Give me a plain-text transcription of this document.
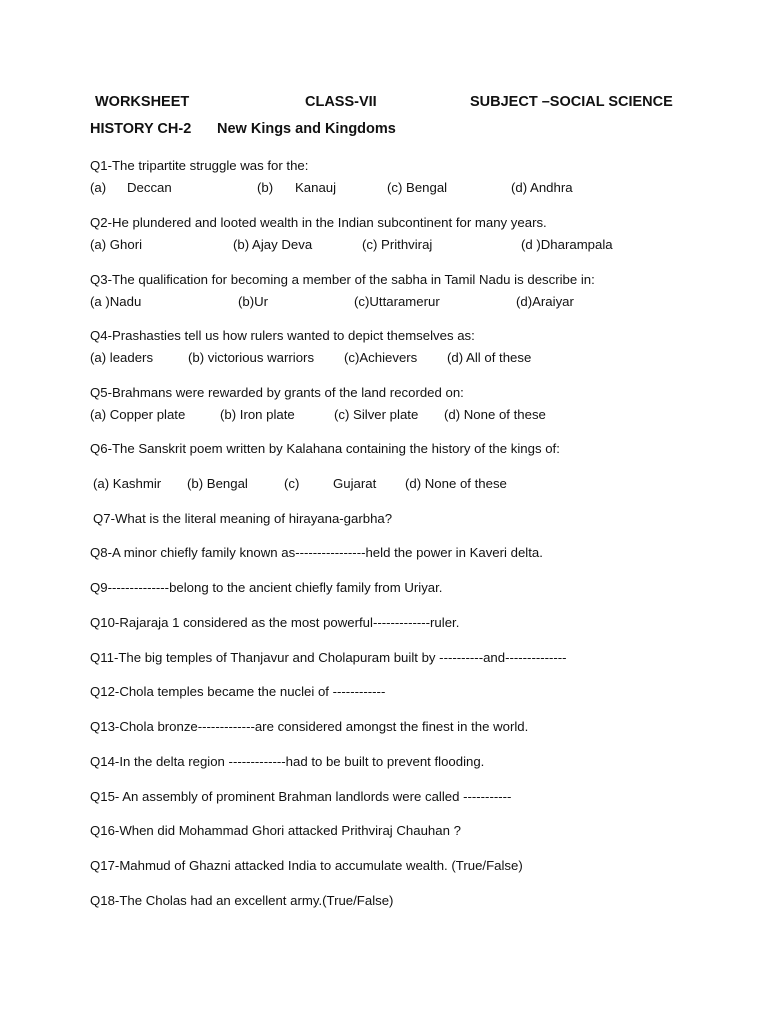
WORKSHEET	CLASS-VII	SUBJECT –SOCIAL SCIENCE
HISTORY CH-2 New Kings and Kingdoms
Q1-The tripartite struggle was for the:
(a) Deccan	(b) Kanauj	(c) Bengal	(d) Andhra
Q2-He plundered and looted wealth in the Indian subcontinent for many years.
(a) Ghori	(b) Ajay Deva	(c) Prithviraj	(d )Dharampala
Q3-The qualification for becoming a member of the sabha in Tamil Nadu is describe in:
(a )Nadu	(b)Ur	(c)Uttaramerur	(d)Araiyar
Q4-Prashasties tell us how rulers wanted to depict themselves as:
(a) leaders	(b) victorious warriors (c)Achievers (d) All of these
Q5-Brahmans were rewarded by grants of the land recorded on:
(a) Copper plate	(b) Iron plate	(c) Silver plate (d) None of these
Q6-The Sanskrit poem written by Kalahana containing the history of the kings of:
(a) Kashmir (b) Bengal	(c)	Gujarat (d) None of these
Q7-What is the literal meaning of hirayana-garbha?
Q8-A minor chiefly family known as----------------held the power in Kaveri delta.
Q9--------------belong to the ancient chiefly family from Uriyar.
Q10-Rajaraja 1 considered as the most powerful-------------ruler.
Q11-The big temples of Thanjavur and Cholapuram built by ----------and--------------
Q12-Chola temples became the nuclei of ------------
Q13-Chola bronze-------------are considered amongst the finest in the world.
Q14-In the delta region -------------had to be built to prevent flooding.
Q15- An assembly of prominent Brahman landlords were called -----------
Q16-When did Mohammad Ghori attacked Prithviraj Chauhan ?
Q17-Mahmud of Ghazni attacked India to accumulate wealth. (True/False)
Q18-The Cholas had an excellent army.(True/False)
